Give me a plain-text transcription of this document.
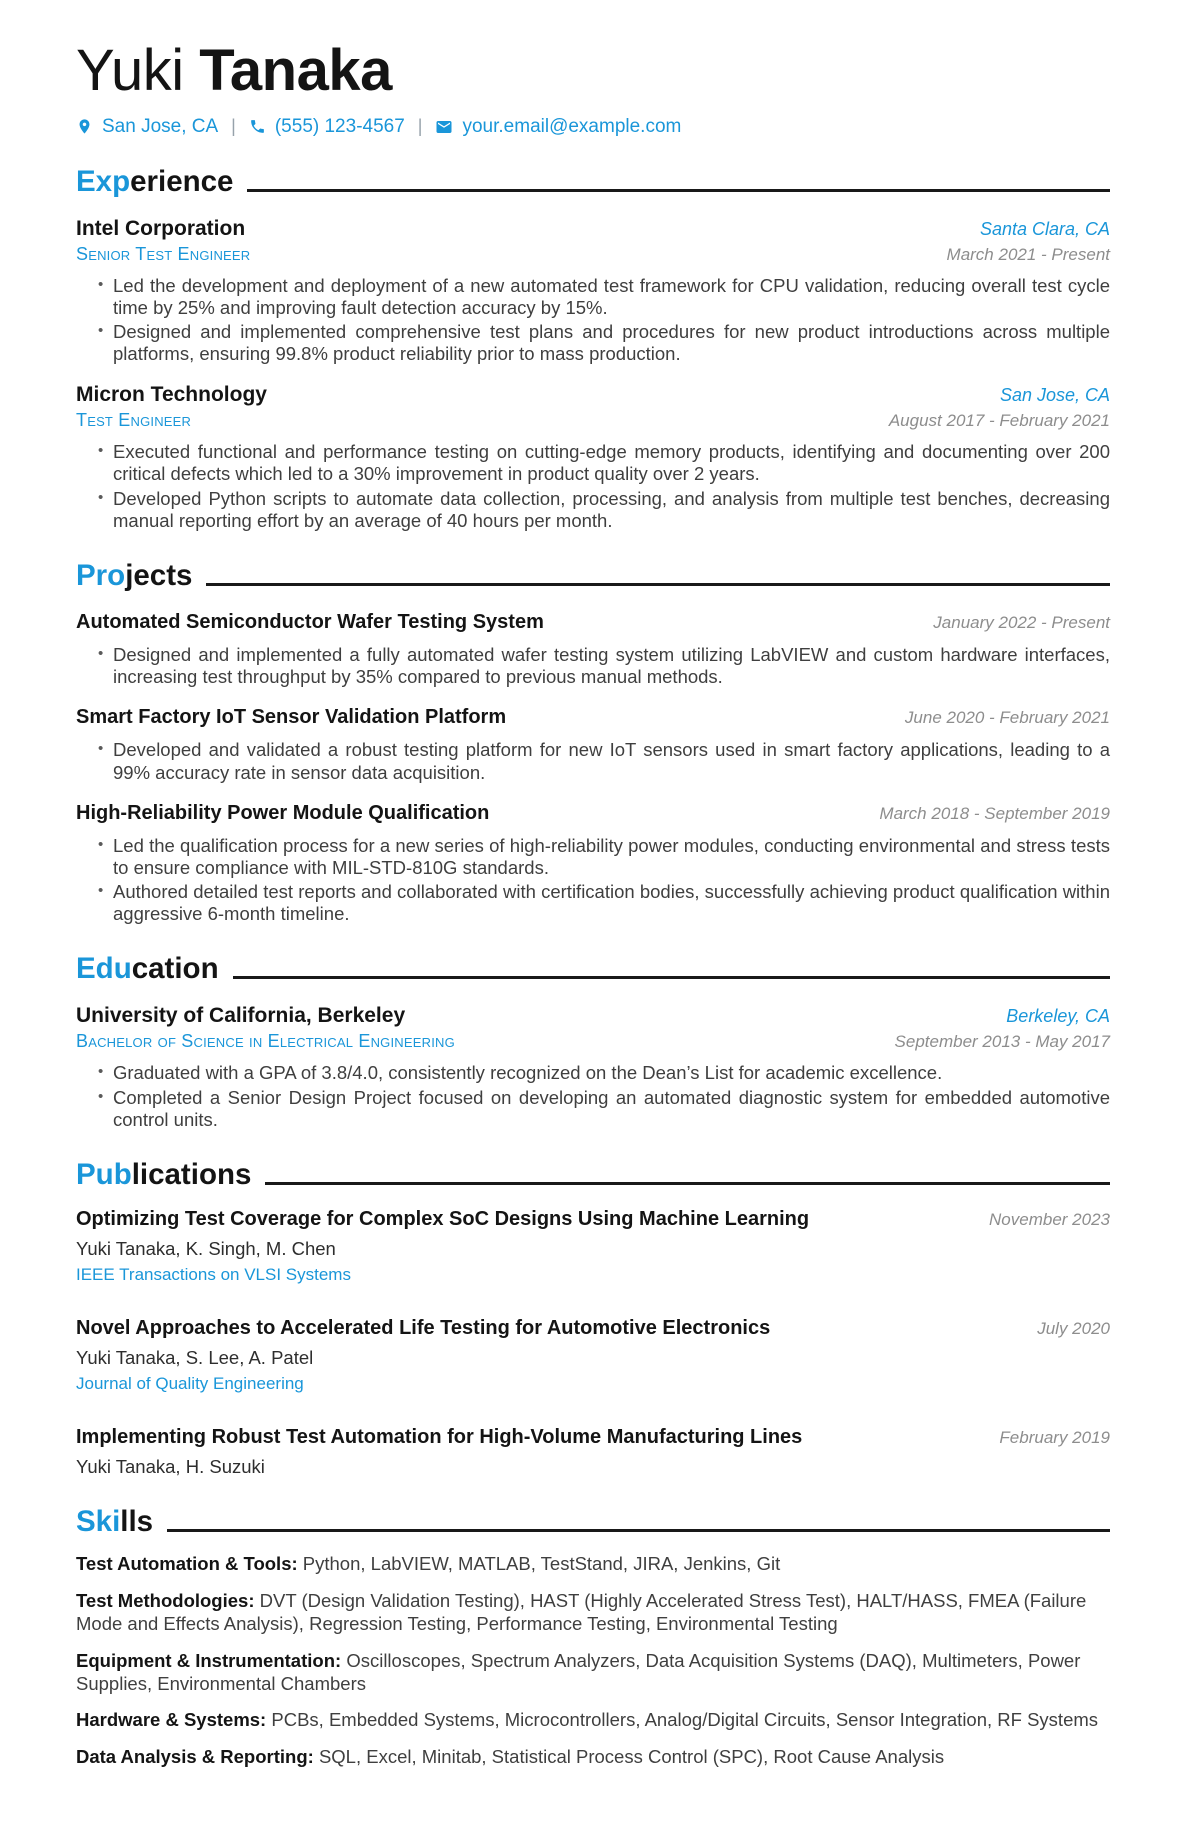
Yuki Tanaka
San Jose, CA | (555) 123-4567 | your.email@example.com
Exp erience
Intel Corporation	Santa Clara, CA
Senior Test Engineer	March 2021 - Present
• Led the development and deployment of a new automated test framework for CPU validation, reducing overall test cycle time by 25% and improving fault detection accuracy by 15%.
• Designed and implemented comprehensive test plans and procedures for new product introductions across multiple platforms, ensuring 99.8% product reliability prior to mass production.
Micron Technology	San Jose, CA
Test Engineer	August 2017 - February 2021
• Executed functional and performance testing on cutting-edge memory products, identifying and documenting over 200 critical defects which led to a 30% improvement in product quality over 2 years.
• Developed Python scripts to automate data collection, processing, and analysis from multiple test benches, decreasing manual reporting effort by an average of 40 hours per month.
Pro jects
Automated Semiconductor Wafer Testing System	January 2022 - Present
• Designed and implemented a fully automated wafer testing system utilizing LabVIEW and custom hardware interfaces, increasing test throughput by 35% compared to previous manual methods.
Smart Factory IoT Sensor Validation Platform	June 2020 - February 2021
• Developed and validated a robust testing platform for new IoT sensors used in smart factory applications, leading to a 99% accuracy rate in sensor data acquisition.
High-Reliability Power Module Qualification	March 2018 - September 2019
• Led the qualification process for a new series of high-reliability power modules, conducting environmental and stress tests to ensure compliance with MIL-STD-810G standards.
• Authored detailed test reports and collaborated with certification bodies, successfully achieving product qualification within aggressive 6-month timeline.
Edu cation
University of California, Berkeley	Berkeley, CA
Bachelor of Science in Electrical Engineering	September 2013 - May 2017
• Graduated with a GPA of 3.8/4.0, consistently recognized on the Dean’s List for academic excellence.
• Completed a Senior Design Project focused on developing an automated diagnostic system for embedded automotive control units.
Pub lications
Optimizing Test Coverage for Complex SoC Designs Using Machine Learning	November 2023
Yuki Tanaka, K. Singh, M. Chen
IEEE Transactions on VLSI Systems
Novel Approaches to Accelerated Life Testing for Automotive Electronics	July 2020
Yuki Tanaka, S. Lee, A. Patel
Journal of Quality Engineering
Implementing Robust Test Automation for High-Volume Manufacturing Lines	February 2019
Yuki Tanaka, H. Suzuki
Ski lls

Test Automation & Tools: Python, LabVIEW, MATLAB, TestStand, JIRA, Jenkins, Git

Test Methodologies: DVT (Design Validation Testing), HAST (Highly Accelerated Stress Test), HALT/HASS, FMEA (Failure Mode and Effects Analysis), Regression Testing, Performance Testing, Environmental Testing

Equipment & Instrumentation: Oscilloscopes, Spectrum Analyzers, Data Acquisition Systems (DAQ), Multimeters, Power Supplies, Environmental Chambers

Hardware & Systems: PCBs, Embedded Systems, Microcontrollers, Analog/Digital Circuits, Sensor Integration, RF Systems

Data Analysis & Reporting: SQL, Excel, Minitab, Statistical Process Control (SPC), Root Cause Analysis
